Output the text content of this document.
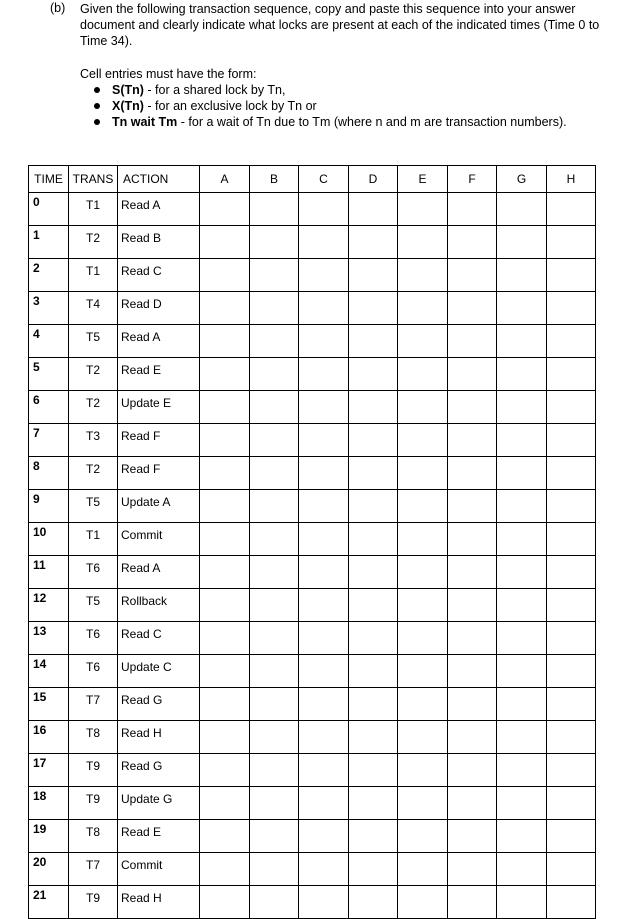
(b) Given the following transaction sequence, copy and paste this sequence into your answer document and clearly indicate what locks are present at each of the indicated times (Time 0 to Time 34).
Cell entries must have the form:
S(Tn) - for a shared lock by Tn,
X(Tn) - for an exclusive lock by Tn or
Tn wait Tm - for a wait of Tn due to Tm (where n and m are transaction numbers).
TIME	TRANS	ACTION	A	B	C	D	E	F	G	H
0	T1	Read A								
1	T2	Read B								
2	T1	Read C								
3	T4	Read D								
4	T5	Read A								
5	T2	Read E								
6	T2	Update E								
7	T3	Read F								
8	T2	Read F								
9	T5	Update A								
10	T1	Commit								
11	T6	Read A								
12	T5	Rollback								
13	T6	Read C								
14	T6	Update C								
15	T7	Read G								
16	T8	Read H								
17	T9	Read G								
18	T9	Update G								
19	T8	Read E								
20	T7	Commit								
21	T9	Read H								
